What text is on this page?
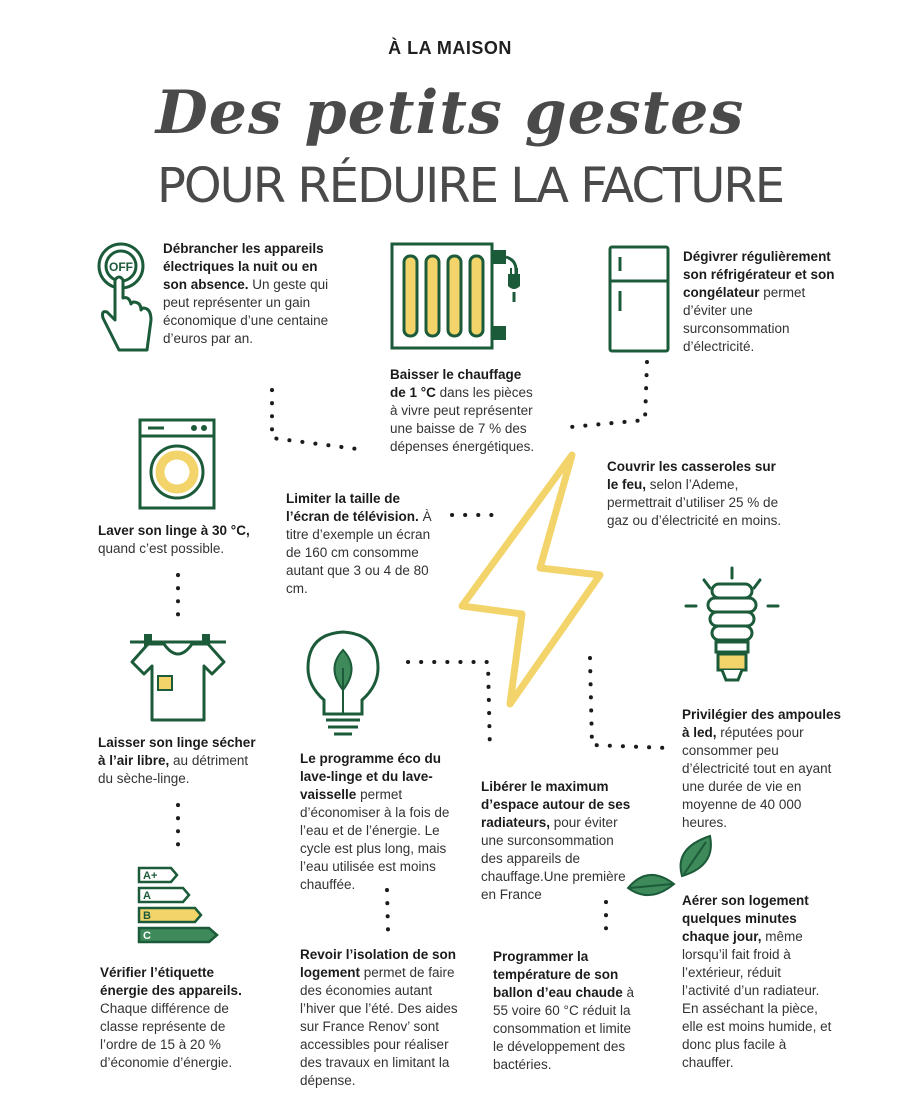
À LA MAISON
Des petits gestes
POUR RÉDUIRE LA FACTURE
OFF
A+
A
B
C
Débrancher les appareils électriques la nuit ou en son absence. Un geste qui peut représenter un gain économique d’une centaine d’euros par an.
Baisser le chauffage de 1 °C dans les pièces à vivre peut représenter une baisse de 7 % des dépenses énergétiques.
Dégivrer régulièrement son réfrigérateur et son congélateur permet d’éviter une surconsommation d’électricité.
Laver son linge à 30 °C, quand c’est possible.
Limiter la taille de l’écran de télévision. À titre d’exemple un écran de 160 cm consomme autant que 3 ou 4 de 80 cm.
Couvrir les casseroles sur le feu, selon l’Ademe, permettrait d’utiliser 25 % de gaz ou d’électricité en moins.
Laisser son linge sécher à l’air libre, au détriment du sèche-linge.
Le programme éco du lave-linge et du lave-vaisselle permet d’économiser à la fois de l’eau et de l’énergie. Le cycle est plus long, mais l’eau utilisée est moins chauffée.
Libérer le maximum d’espace autour de ses radiateurs, pour éviter une surconsommation des appareils de chauffage.Une première en France
Privilégier des ampoules à led, réputées pour consommer peu d’électricité tout en ayant une durée de vie en moyenne de 40 000 heures.
Vérifier l’étiquette énergie des appareils. Chaque différence de classe représente de l’ordre de 15 à 20 % d’économie d’énergie.
Revoir l’isolation de son logement permet de faire des économies autant l’hiver que l’été. Des aides sur France Renov’ sont accessibles pour réaliser des travaux en limitant la dépense.
Programmer la température de son ballon d’eau chaude à 55 voire 60 °C réduit la consommation et limite le développement des bactéries.
Aérer son logement quelques minutes chaque jour, même lorsqu’il fait froid à l’extérieur, réduit l’activité d’un radiateur. En asséchant la pièce, elle est moins humide, et donc plus facile à chauffer.
